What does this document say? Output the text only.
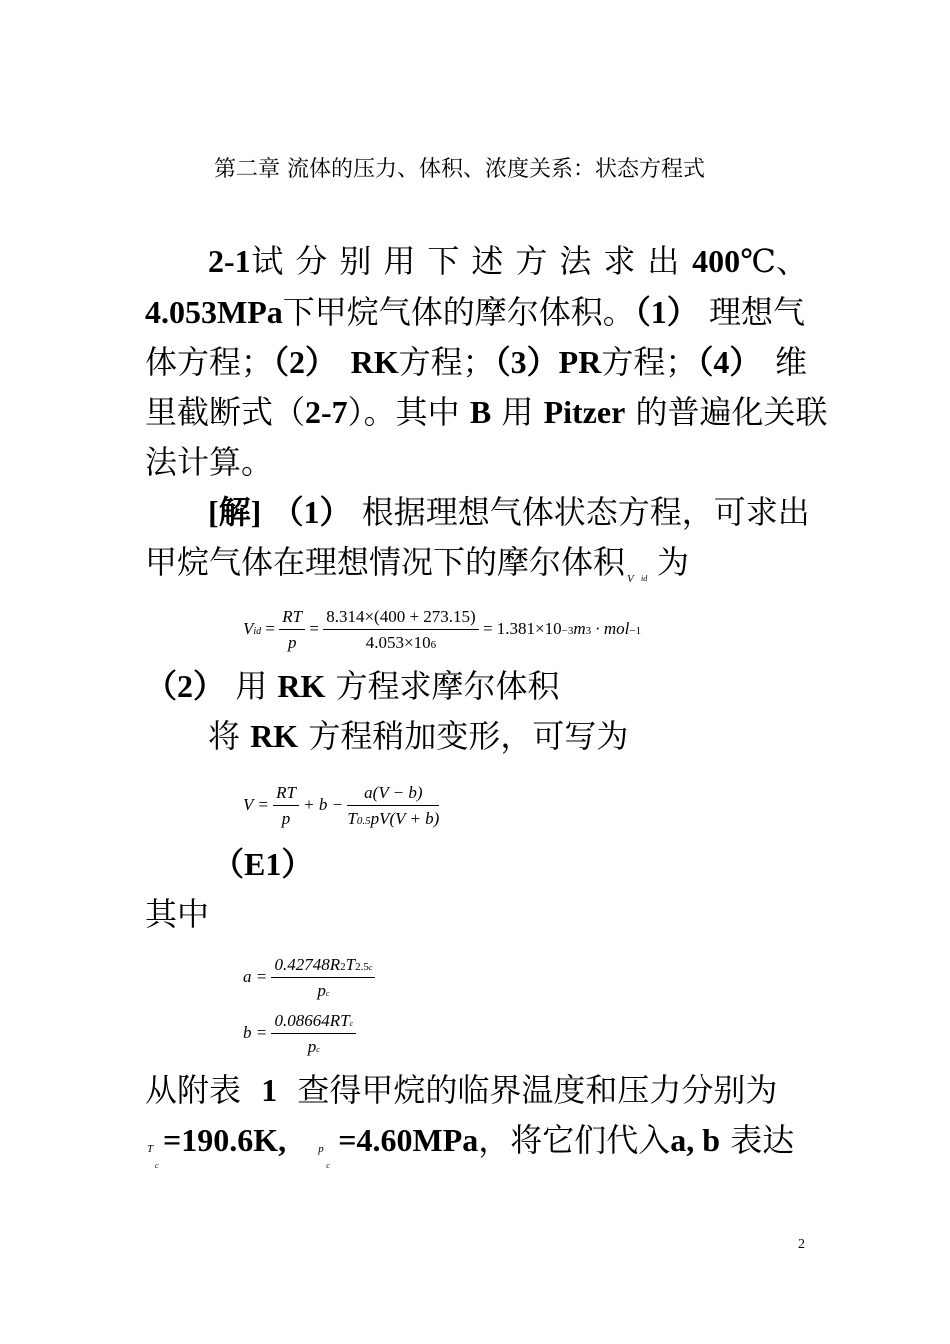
第二章 流体的压力、体积、浓度关系：状态方程式
2-1 试分别用下述方法求出 400℃、
4.053MPa下甲烷气体的摩尔体积。（1） 理想气
体方程；（2） RK方程；（3）PR方程；（4） 维
里截断式（2-7）。其中 B 用 Pitzer 的普遍化关联
法计算。
[解] （1） 根据理想气体状态方程，可求出
甲烷气体在理想情况下的摩尔体积 V id 为
Vid = $\frac{RT}{p} = \frac{8.314\times(400 + 273.15)}{4.053\times 106} = 1.381\times 10-3m3 \cdot mol-1$
（2） 用 RK 方程求摩尔体积
将 RK 方程稍加变形，可写为
$V = \frac{RT}{p} + b - \frac{a(V - b)}{T0.5pV(V + b)}$
（E1）
其中
$a = \frac{0.42748R2T2.5c}{pc}$
$b = \frac{\text{0.08664RTc}}{pc}$
从附表 1 查得甲烷的临界温度和压力分别为
T
c
=190.6K,	p
c
=4.60MPa，将它们代入a, b 表达
2
